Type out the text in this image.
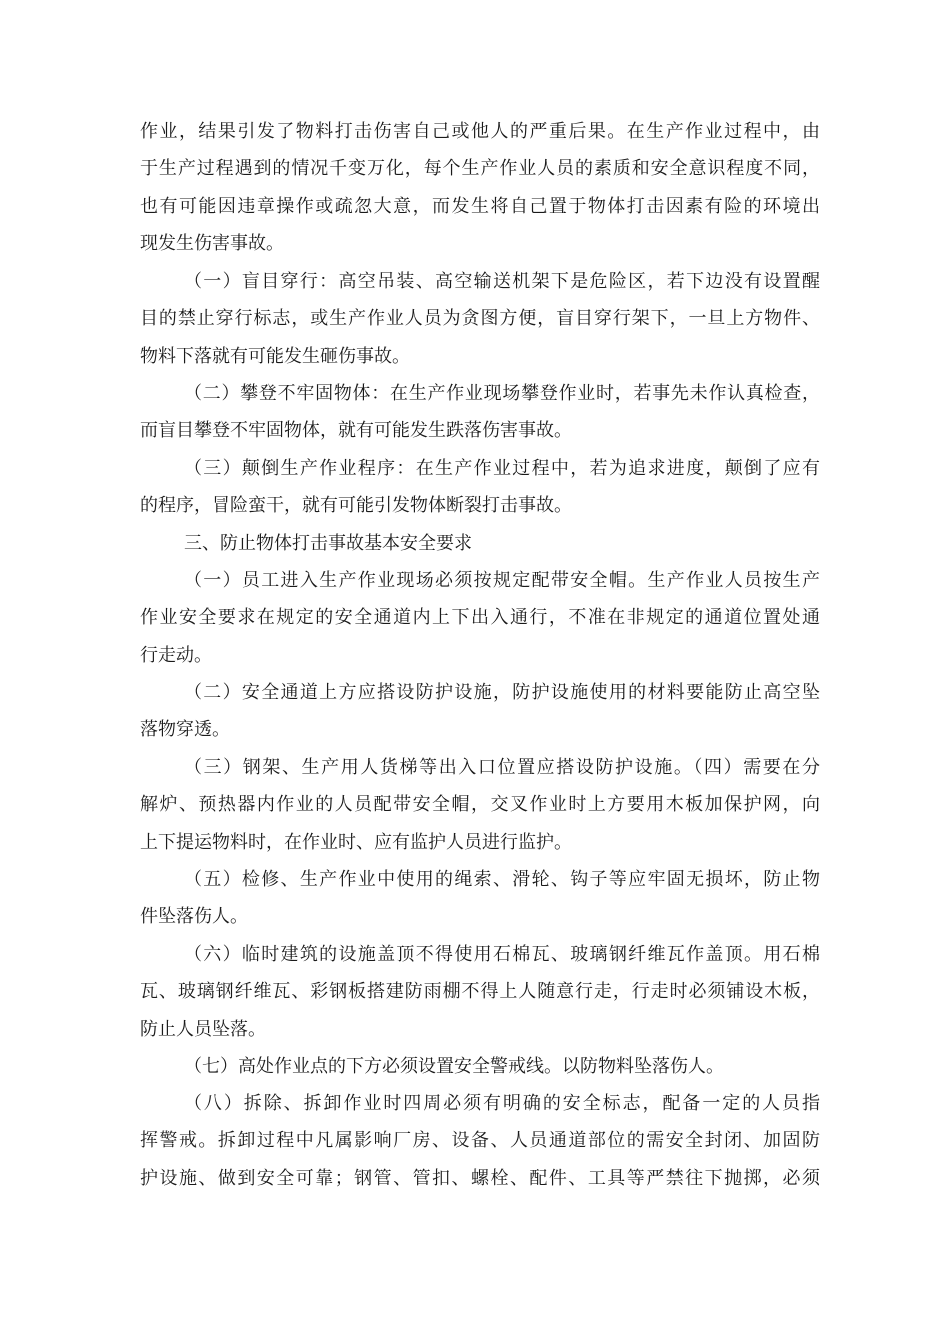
作业，结果引发了物料打击伤害自己或他人的严重后果。在生产作业过程中，由
于生产过程遇到的情况千变万化，每个生产作业人员的素质和安全意识程度不同，
也有可能因违章操作或疏忽大意，而发生将自己置于物体打击因素有险的环境出
现发生伤害事故。
（一）盲目穿行：高空吊装、高空输送机架下是危险区，若下边没有设置醒
目的禁止穿行标志，或生产作业人员为贪图方便，盲目穿行架下，一旦上方物件、
物料下落就有可能发生砸伤事故。
（二）攀登不牢固物体：在生产作业现场攀登作业时，若事先未作认真检查，
而盲目攀登不牢固物体，就有可能发生跌落伤害事故。
（三）颠倒生产作业程序：在生产作业过程中，若为追求进度，颠倒了应有
的程序，冒险蛮干，就有可能引发物体断裂打击事故。
三、防止物体打击事故基本安全要求
（一）员工进入生产作业现场必须按规定配带安全帽。生产作业人员按生产
作业安全要求在规定的安全通道内上下出入通行，不准在非规定的通道位置处通
行走动。
（二）安全通道上方应搭设防护设施，防护设施使用的材料要能防止高空坠
落物穿透。
（三）钢架、生产用人货梯等出入口位置应搭设防护设施。（四）需要在分
解炉、预热器内作业的人员配带安全帽，交叉作业时上方要用木板加保护网，向
上下提运物料时，在作业时、应有监护人员进行监护。
（五）检修、生产作业中使用的绳索、滑轮、钩子等应牢固无损坏，防止物
件坠落伤人。
（六）临时建筑的设施盖顶不得使用石棉瓦、玻璃钢纤维瓦作盖顶。用石棉
瓦、玻璃钢纤维瓦、彩钢板搭建防雨棚不得上人随意行走，行走时必须铺设木板，
防止人员坠落。
（七）高处作业点的下方必须设置安全警戒线。以防物料坠落伤人。
（八）拆除、拆卸作业时四周必须有明确的安全标志，配备一定的人员指
挥警戒。拆卸过程中凡属影响厂房、设备、人员通道部位的需安全封闭、加固防
护设施、做到安全可靠；钢管、管扣、螺栓、配件、工具等严禁往下抛掷，必须
